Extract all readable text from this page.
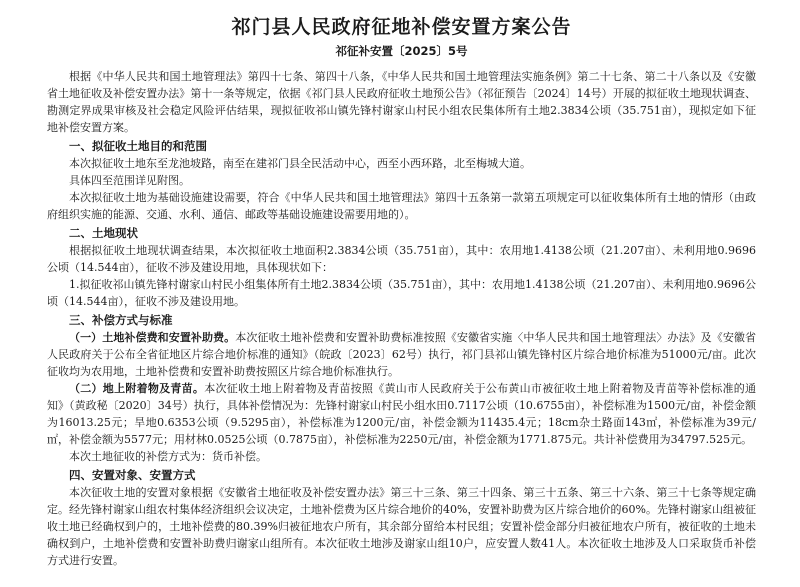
祁门县人民政府征地补偿安置方案公告
祁征补安置〔2025〕5号

根据《中华人民共和国土地管理法》第四十七条、第四十八条，《中华人民共和国土地管理法实施条例》第二十七条、第二十八条以及《安徽省土地征收及补偿安置办法》第十一条等规定，依据《祁门县人民政府征收土地预公告》（祁征预告〔2024〕14号）开展的拟征收土地现状调查、勘测定界成果审核及社会稳定风险评估结果，现拟征收祁山镇先锋村谢家山村民小组农民集体所有土地2.3834公顷（35.751亩），现拟定如下征地补偿安置方案。

一、拟征收土地目的和范围

本次拟征收土地东至龙池坡路，南至在建祁门县全民活动中心，西至小西环路，北至梅城大道。

具体四至范围详见附图。

本次拟征收土地为基础设施建设需要，符合《中华人民共和国土地管理法》第四十五条第一款第五项规定可以征收集体所有土地的情形（由政府组织实施的能源、交通、水利、通信、邮政等基础设施建设需要用地的）。

二、土地现状

根据拟征收土地现状调查结果，本次拟征收土地面积2.3834公顷（35.751亩），其中：农用地1.4138公顷（21.207亩）、未利用地0.9696公顷（14.544亩），征收不涉及建设用地，具体现状如下：

1.拟征收祁山镇先锋村谢家山村民小组集体所有土地2.3834公顷（35.751亩），其中：农用地1.4138公顷（21.207亩）、未利用地0.9696公顷（14.544亩），征收不涉及建设用地。

三、补偿方式与标准

（一）土地补偿费和安置补助费。本次征收土地补偿费和安置补助费标准按照《安徽省实施〈中华人民共和国土地管理法〉办法》及《安徽省人民政府关于公布全省征地区片综合地价标准的通知》（皖政〔2023〕62号）执行，祁门县祁山镇先锋村区片综合地价标准为51000元/亩。此次征收均为农用地，土地补偿费和安置补助费按照区片综合地价标准执行。

（二）地上附着物及青苗。本次征收土地上附着物及青苗按照《黄山市人民政府关于公布黄山市被征收土地上附着物及青苗等补偿标准的通知》（黄政秘〔2020〕34号）执行，具体补偿情况为：先锋村谢家山村民小组水田0.7117公顷（10.6755亩），补偿标准为1500元/亩，补偿金额为16013.25元；旱地0.6353公顷（9.5295亩），补偿标准为1200元/亩，补偿金额为11435.4元；18cm杂土路面143㎡，补偿标准为39元/㎡，补偿金额为5577元；用材林0.0525公顷（0.7875亩），补偿标准为2250元/亩，补偿金额为1771.875元。共计补偿费用为34797.525元。

本次土地征收的补偿方式为：货币补偿。

四、安置对象、安置方式

本次征收土地的安置对象根据《安徽省土地征收及补偿安置办法》第三十三条、第三十四条、第三十五条、第三十六条、第三十七条等规定确定。经先锋村谢家山组农村集体经济组织会议决定，土地补偿费为区片综合地价的40%，安置补助费为区片综合地价的60%。先锋村谢家山组被征收土地已经确权到户的，土地补偿费的80.39%归被征地农户所有，其余部分留给本村民组；安置补偿金部分归被征地农户所有，被征收的土地未确权到户，土地补偿费和安置补助费归谢家山组所有。本次征收土地涉及谢家山组10户，应安置人数41人。本次征收土地涉及人口采取货币补偿方式进行安置。
